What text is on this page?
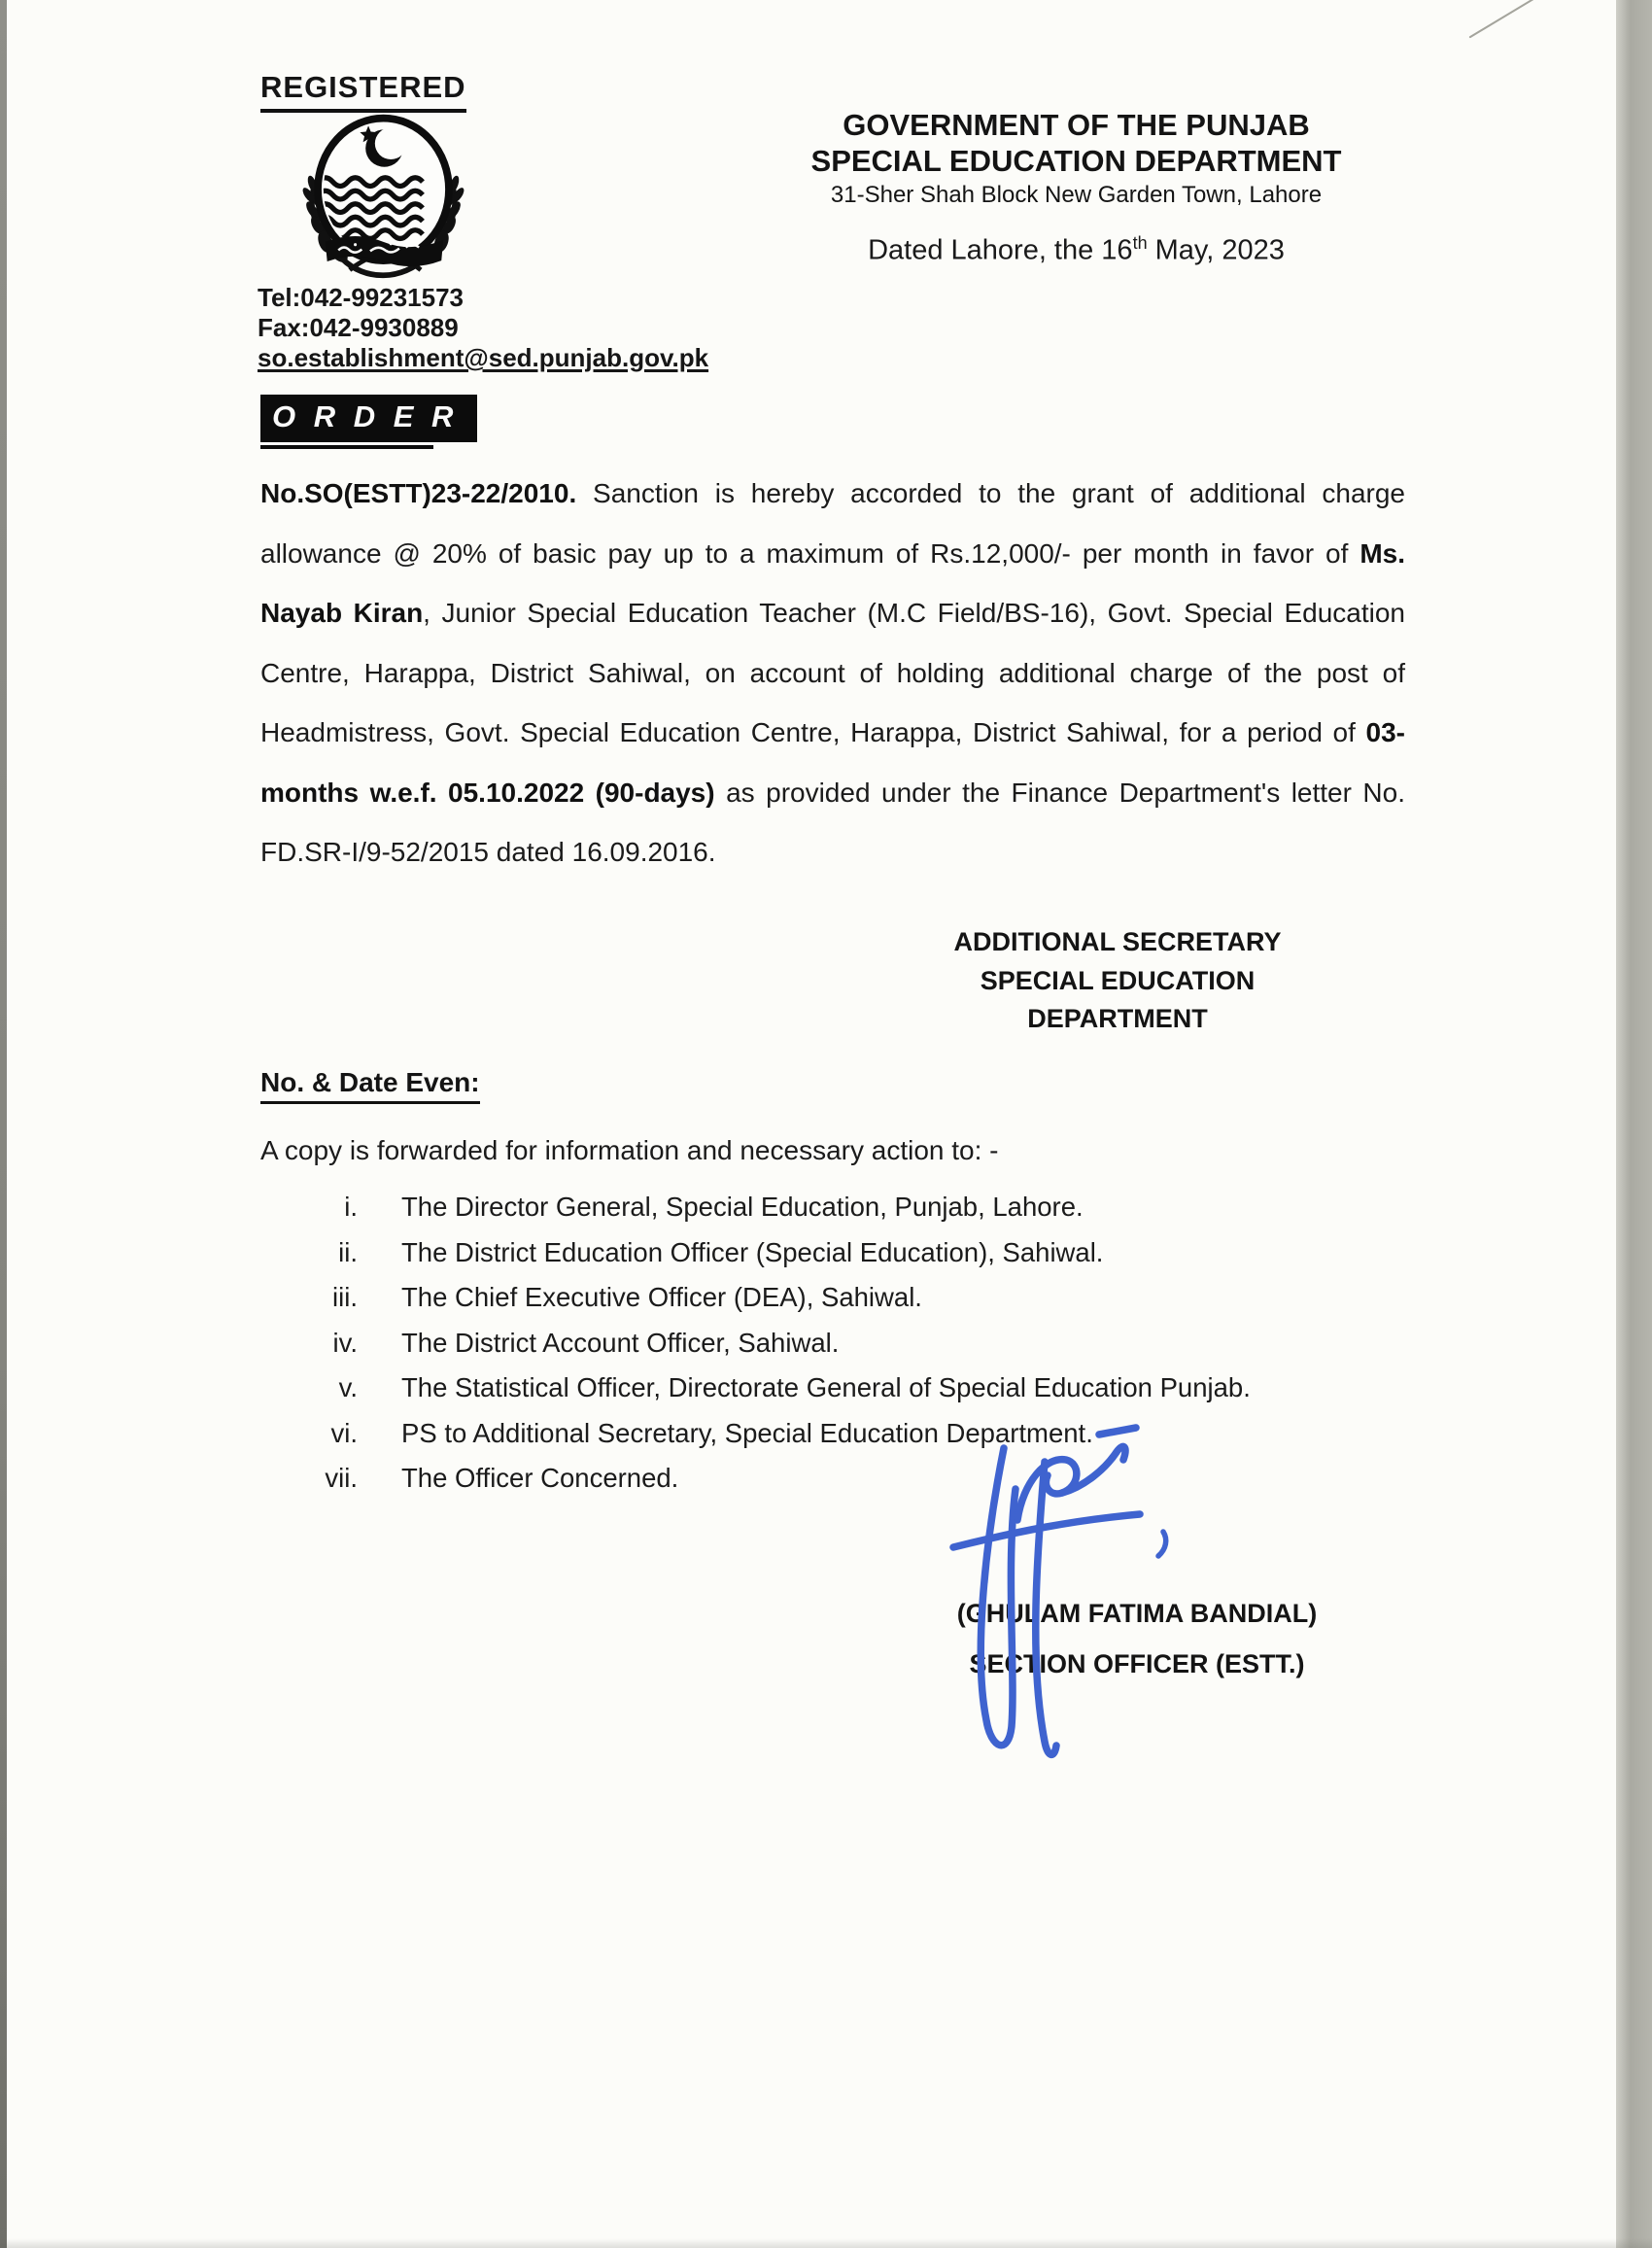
REGISTERED
Tel:042-99231573
Fax:042-9930889
so.establishment@sed.punjab.gov.pk
GOVERNMENT OF THE PUNJAB
SPECIAL EDUCATION DEPARTMENT
31-Sher Shah Block New Garden Town, Lahore
Dated Lahore, the 16th May, 2023
O R D E R
No.SO(ESTT)23-22/2010. Sanction is hereby accorded to the grant of additional charge allowance @ 20% of basic pay up to a maximum of Rs.12,000/- per month in favor of Ms. Nayab Kiran, Junior Special Education Teacher (M.C Field/BS-16), Govt. Special Education Centre, Harappa, District Sahiwal, on account of holding additional charge of the post of Headmistress, Govt. Special Education Centre, Harappa, District Sahiwal, for a period of 03-months w.e.f. 05.10.2022 (90-days) as provided under the Finance Department's letter No. FD.SR-I/9-52/2015 dated 16.09.2016.
ADDITIONAL SECRETARY
SPECIAL EDUCATION
DEPARTMENT
No. & Date Even:
A copy is forwarded for information and necessary action to: -
i. The Director General, Special Education, Punjab, Lahore.
ii. The District Education Officer (Special Education), Sahiwal.
iii. The Chief Executive Officer (DEA), Sahiwal.
iv. The District Account Officer, Sahiwal.
v. The Statistical Officer, Directorate General of Special Education Punjab.
vi. PS to Additional Secretary, Special Education Department.
vii. The Officer Concerned.
(GHULAM FATIMA BANDIAL)
SECTION OFFICER (ESTT.)
